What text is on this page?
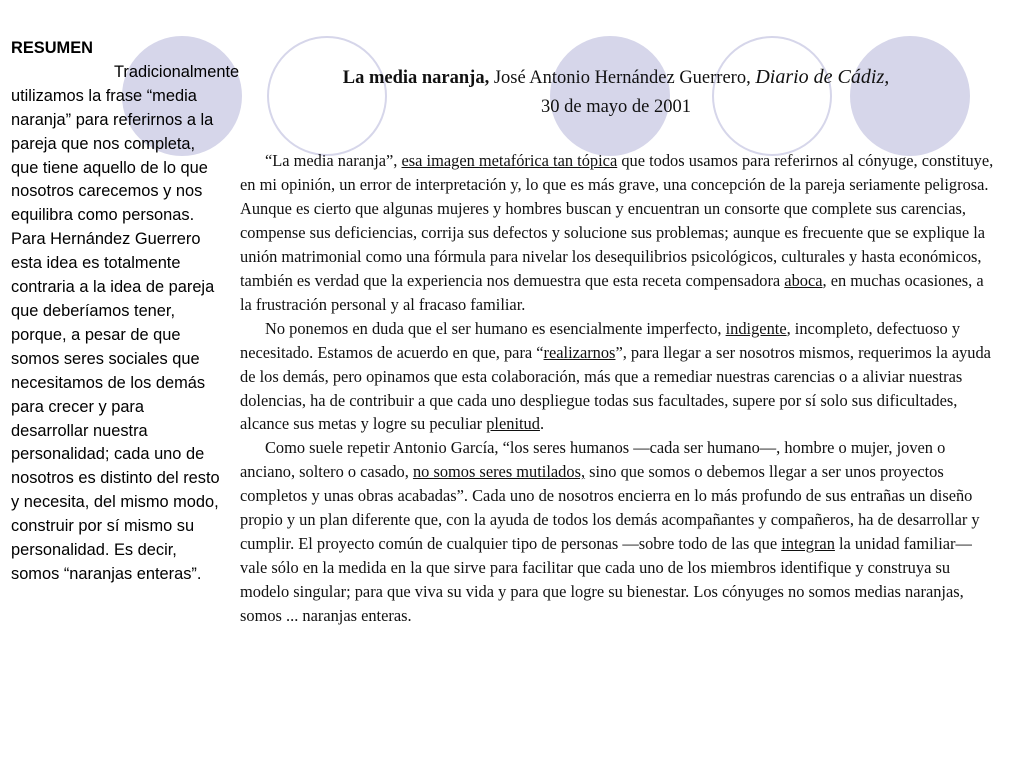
RESUMEN
Tradicionalmente utilizamos la frase “media naranja” para referirnos a la pareja que nos completa, que tiene aquello de lo que nosotros carecemos y nos equilibra como personas. Para Hernández Guerrero esta idea es totalmente contraria a la idea de pareja que deberíamos tener, porque, a pesar de que somos seres sociales que necesitamos de los demás para crecer y para desarrollar nuestra personalidad; cada uno de nosotros es distinto del resto y necesita, del mismo modo, construir por sí mismo su personalidad. Es decir, somos “naranjas enteras”.
La media naranja, José Antonio Hernández Guerrero, Diario de Cádiz,
30 de mayo de 2001

“La media naranja”, esa imagen metafórica tan tópica que todos usamos para referirnos al cónyuge, constituye, en mi opinión, un error de interpretación y, lo que es más grave, una concepción de la pareja seriamente peligrosa. Aunque es cierto que algunas mujeres y hombres buscan y encuentran un consorte que complete sus carencias, compense sus deficiencias, corrija sus defectos y solucione sus problemas; aunque es frecuente que se explique la unión matrimonial como una fórmula para nivelar los desequilibrios psicológicos, culturales y hasta económicos, también es verdad que la experiencia nos demuestra que esta receta compensadora aboca, en muchas ocasiones, a la frustración personal y al fracaso familiar.

No ponemos en duda que el ser humano es esencialmente imperfecto, indigente, incompleto, defectuoso y necesitado. Estamos de acuerdo en que, para “realizarnos”, para llegar a ser nosotros mismos, requerimos la ayuda de los demás, pero opinamos que esta colaboración, más que a remediar nuestras carencias o a aliviar nuestras dolencias, ha de contribuir a que cada uno despliegue todas sus facultades, supere por sí solo sus dificultades, alcance sus metas y logre su peculiar plenitud.

Como suele repetir Antonio García, “los seres humanos —cada ser humano—, hombre o mujer, joven o anciano, soltero o casado, no somos seres mutilados, sino que somos o debemos llegar a ser unos proyectos completos y unas obras acabadas”. Cada uno de nosotros encierra en lo más profundo de sus entrañas un diseño propio y un plan diferente que, con la ayuda de todos los demás acompañantes y compañeros, ha de desarrollar y cumplir. El proyecto común de cualquier tipo de personas —sobre todo de las que integran la unidad familiar— vale sólo en la medida en la que sirve para facilitar que cada uno de los miembros identifique y construya su modelo singular; para que viva su vida y para que logre su bienestar. Los cónyuges no somos medias naranjas, somos ... naranjas enteras.
